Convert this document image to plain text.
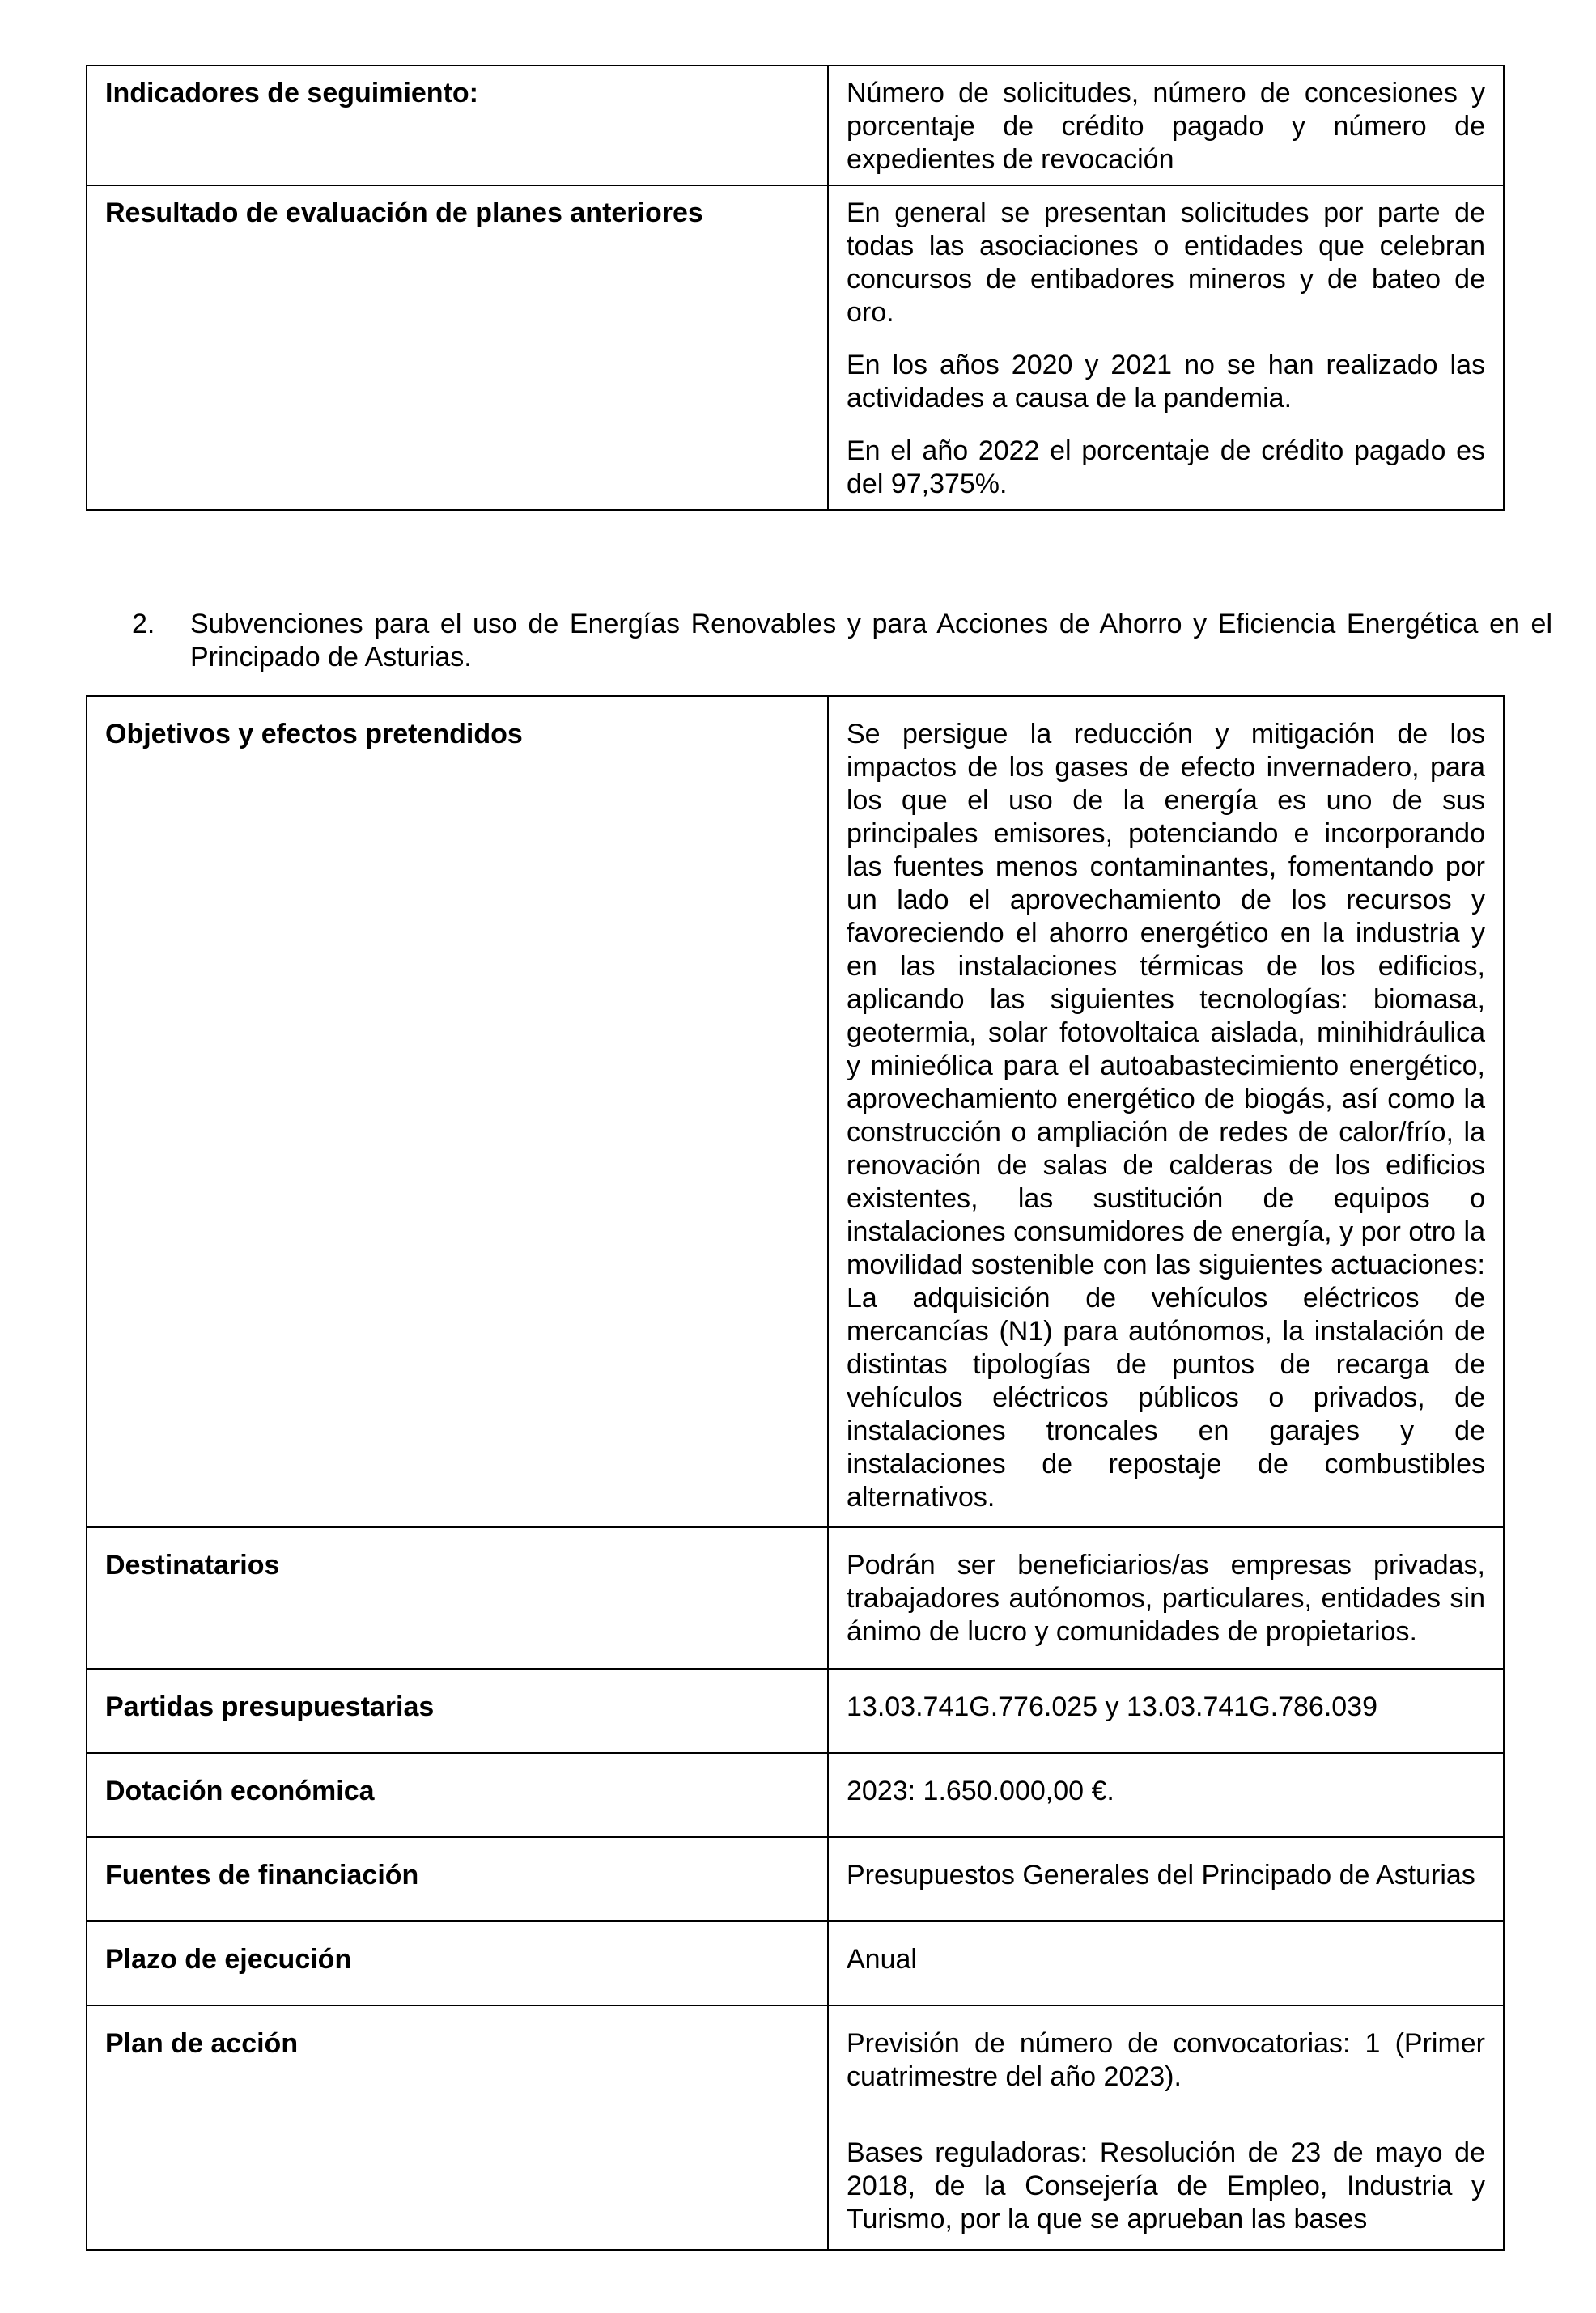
Indicadores de seguimiento:	Número de solicitudes, número de concesiones y porcentaje de crédito pagado y número de expedientes de revocación

Resultado de evaluación de planes anteriores	En general se presentan solicitudes por parte de todas las asociaciones o entidades que celebran concursos de entibadores mineros y de bateo de oro.

En los años 2020 y 2021 no se han realizado las actividades a causa de la pandemia.

En el año 2022 el porcentaje de crédito pagado es del 97,375%.

2. Subvenciones para el uso de Energías Renovables y para Acciones de Ahorro y Eficiencia Energética en el Principado de Asturias.
Objetivos y efectos pretendidos	Se persigue la reducción y mitigación de los impactos de los gases de efecto invernadero, para los que el uso de la energía es uno de sus principales emisores, potenciando e incorporando las fuentes menos contaminantes, fomentando por un lado el aprovechamiento de los recursos y favoreciendo el ahorro energético en la industria y en las instalaciones térmicas de los edificios, aplicando las siguientes tecnologías: biomasa, geotermia, solar fotovoltaica aislada, minihidráulica y minieólica para el autoabastecimiento energético, aprovechamiento energético de biogás, así como la construcción o ampliación de redes de calor/frío, la renovación de salas de calderas de los edificios existentes, las sustitución de equipos o instalaciones consumidores de energía, y por otro la movilidad sostenible con las siguientes actuaciones: La adquisición de vehículos eléctricos de mercancías (N1) para autónomos, la instalación de distintas tipologías de puntos de recarga de vehículos eléctricos públicos o privados, de instalaciones troncales en garajes y de instalaciones de repostaje de combustibles alternativos.

Destinatarios	Podrán ser beneficiarios/as empresas privadas, trabajadores autónomos, particulares, entidades sin ánimo de lucro y comunidades de propietarios.

Partidas presupuestarias	13.03.741G.776.025 y 13.03.741G.786.039

Dotación económica	2023: 1.650.000,00 €.

Fuentes de financiación	Presupuestos Generales del Principado de Asturias

Plazo de ejecución	Anual

Plan de acción	Previsión de número de convocatorias: 1 (Primer cuatrimestre del año 2023).

Bases reguladoras: Resolución de 23 de mayo de 2018, de la Consejería de Empleo, Industria y Turismo, por la que se aprueban las bases
